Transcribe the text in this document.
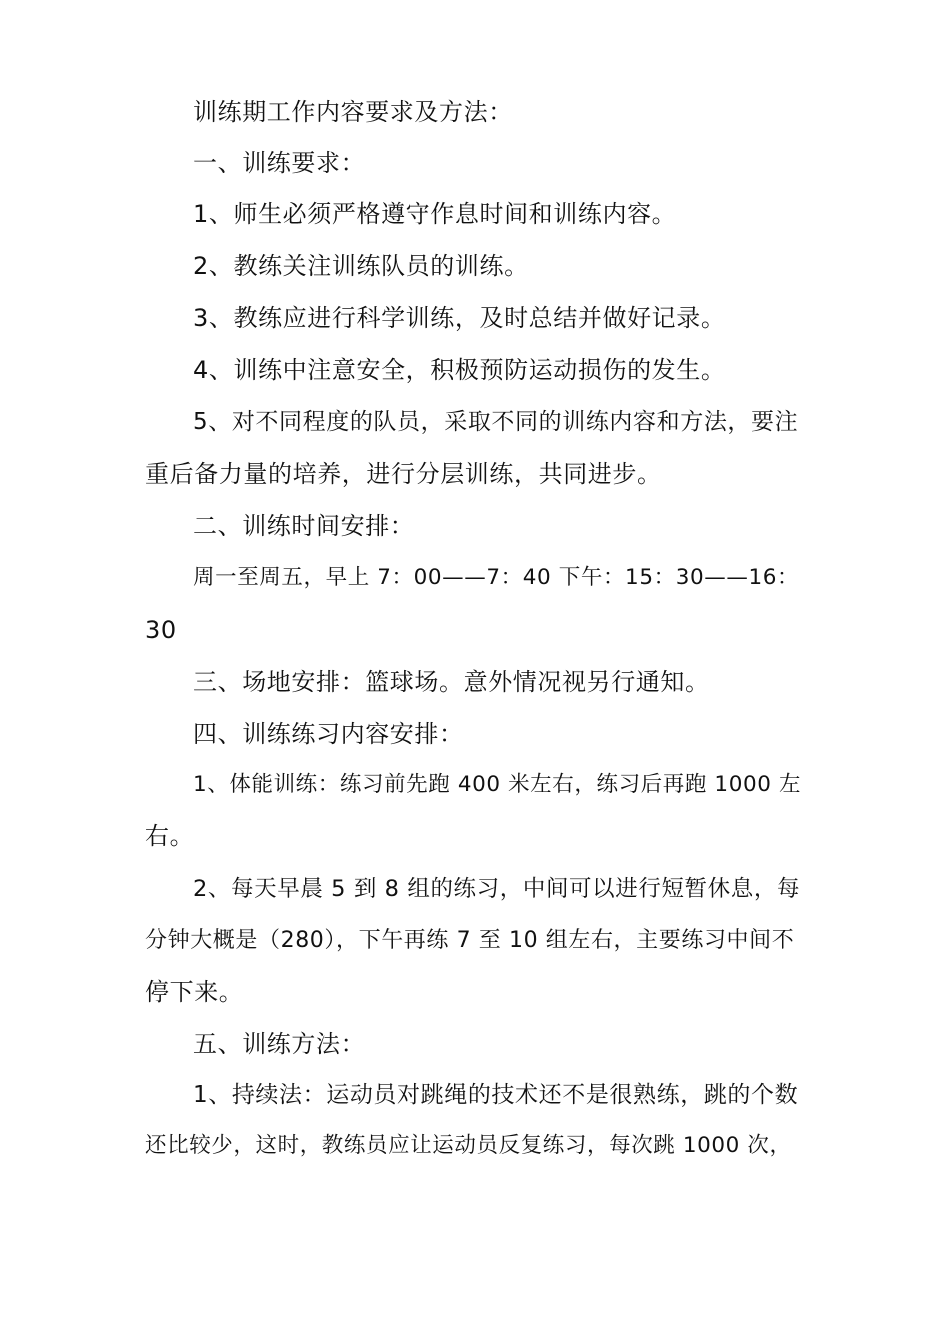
训练期工作内容要求及方法：
一、训练要求：
1、师生必须严格遵守作息时间和训练内容。
2、教练关注训练队员的训练。
3、教练应进行科学训练，及时总结并做好记录。
4、训练中注意安全，积极预防运动损伤的发生。
5、对不同程度的队员，采取不同的训练内容和方法，要注
重后备力量的培养，进行分层训练，共同进步。
二、训练时间安排：
周一至周五，早上 7：00——7：40 下午：15：30——16：
30
三、场地安排：篮球场。意外情况视另行通知。
四、训练练习内容安排：
1、体能训练：练习前先跑 400 米左右，练习后再跑 1000 左
右。
2、每天早晨 5 到 8 组的练习，中间可以进行短暂休息，每
分钟大概是（280），下午再练 7 至 10 组左右，主要练习中间不
停下来。
五、训练方法：
1、持续法：运动员对跳绳的技术还不是很熟练，跳的个数
还比较少，这时，教练员应让运动员反复练习，每次跳 1000 次，
